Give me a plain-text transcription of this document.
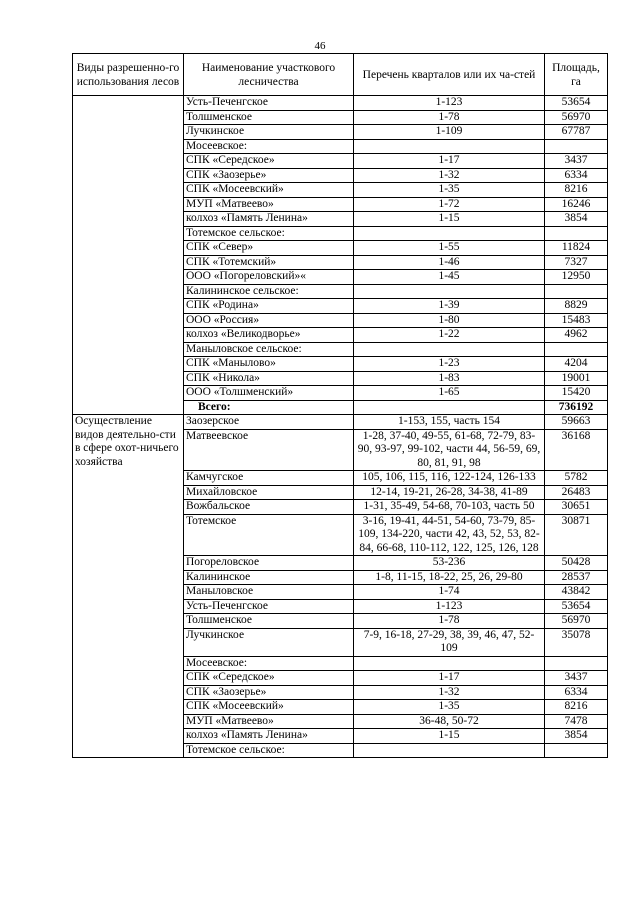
46
Виды разрешенно-го использования лесов	Наименование участкового лесничества	Перечень кварталов или их ча-стей	Площадь, га
	Усть-Печенгское	1-123	53654
	Толшменское	1-78	56970
	Лучкинское	1-109	67787
	Мосеевское:		
	СПК «Середское»	1-17	3437
	СПК «Заозерье»	1-32	6334
	СПК «Мосеевский»	1-35	8216
	МУП «Матвеево»	1-72	16246
	колхоз «Память Ленина»	1-15	3854
	Тотемское сельское:		
	СПК «Север»	1-55	11824
	СПК «Тотемский»	1-46	7327
	ООО «Погореловский»«	1-45	12950
	Калининское сельское:		
	СПК «Родина»	1-39	8829
	ООО «Россия»	1-80	15483
	колхоз «Великодворье»	1-22	4962
	Маныловское сельское:		
	СПК «Манылово»	1-23	4204
	СПК «Никола»	1-83	19001
	ООО «Толшменский»	1-65	15420
	Всего:		736192
Осуществление видов деятельно-сти в сфере охот-ничьего хозяйства	Заозерское	1-153, 155, часть 154	59663
	Матвеевское	1-28, 37-40, 49-55, 61-68, 72-79, 83-90, 93-97, 99-102, части 44, 56-59, 69, 80, 81, 91, 98	36168
	Камчугское	105, 106, 115, 116, 122-124, 126-133	5782
	Михайловское	12-14, 19-21, 26-28, 34-38, 41-89	26483
	Вожбальское	1-31, 35-49, 54-68, 70-103, часть 50	30651
	Тотемское	3-16, 19-41, 44-51, 54-60, 73-79, 85-109, 134-220, части 42, 43, 52, 53, 82-84, 66-68, 110-112, 122, 125, 126, 128	30871
	Погореловское	53-236	50428
	Калининское	1-8, 11-15, 18-22, 25, 26, 29-80	28537
	Маныловское	1-74	43842
	Усть-Печенгское	1-123	53654
	Толшменское	1-78	56970
	Лучкинское	7-9, 16-18, 27-29, 38, 39, 46, 47, 52-109	35078
	Мосеевское:		
	СПК «Середское»	1-17	3437
	СПК «Заозерье»	1-32	6334
	СПК «Мосеевский»	1-35	8216
	МУП «Матвеево»	36-48, 50-72	7478
	колхоз «Память Ленина»	1-15	3854
	Тотемское сельское:		
